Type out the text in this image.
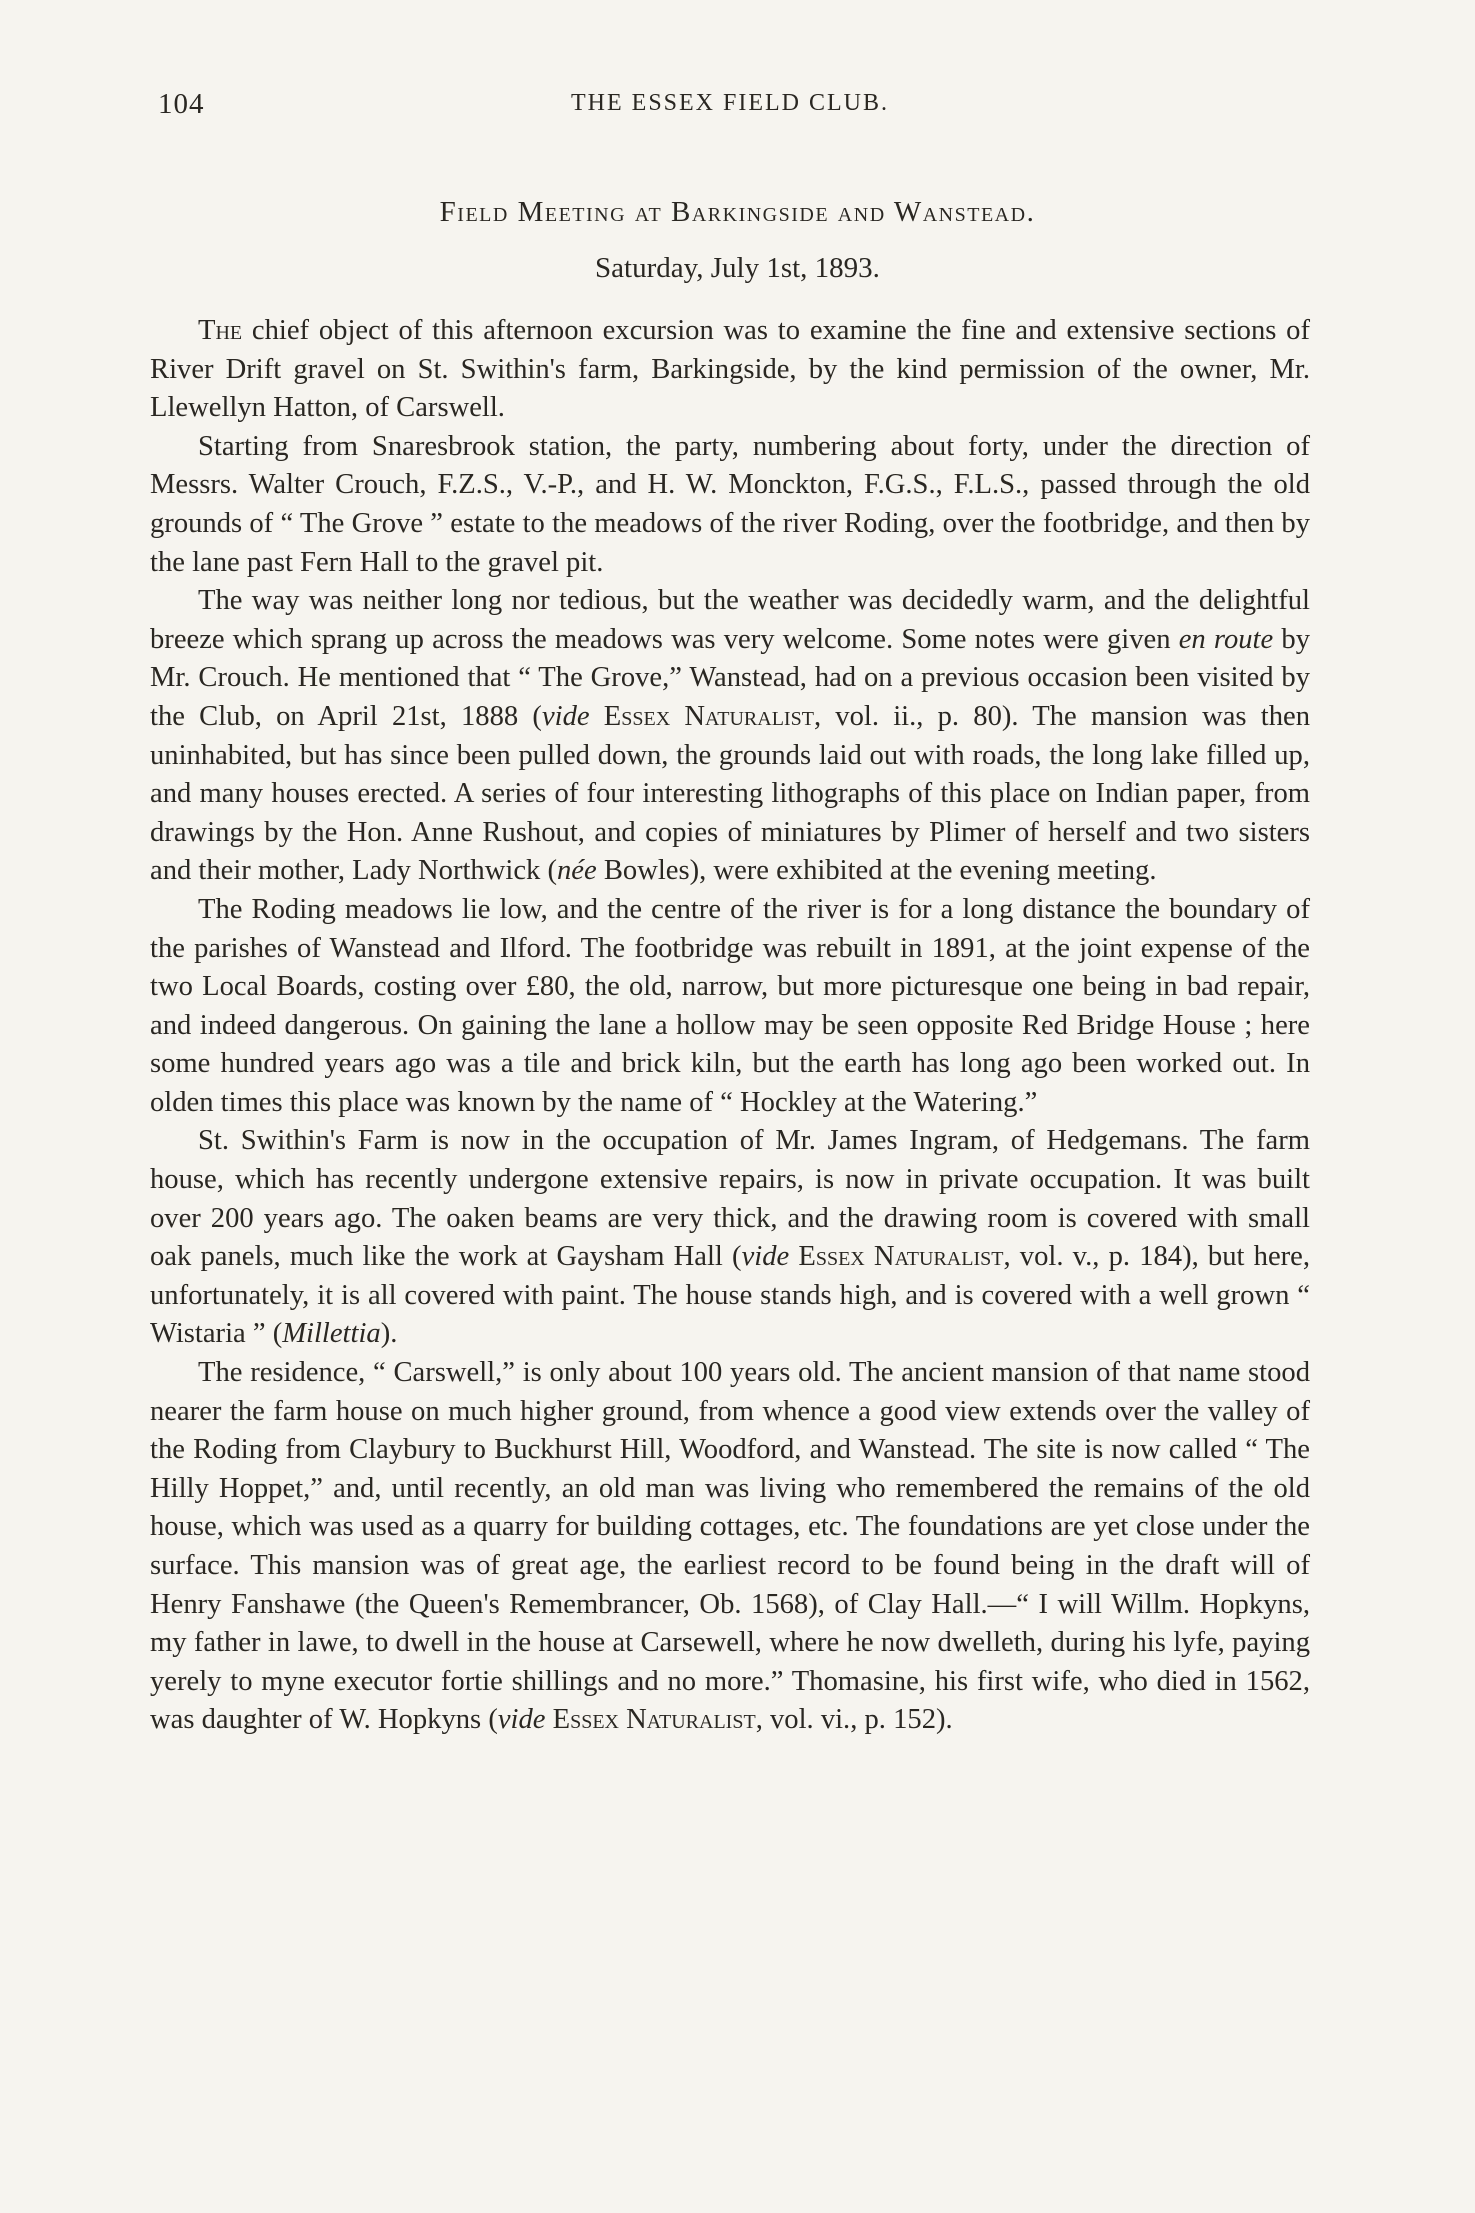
104	THE ESSEX FIELD CLUB.
Field Meeting at Barkingside and Wanstead.
Saturday, July 1st, 1893.

The chief object of this afternoon excursion was to examine the fine and extensive sections of River Drift gravel on St. Swithin's farm, Barkingside, by the kind permission of the owner, Mr. Llewellyn Hatton, of Carswell.

Starting from Snaresbrook station, the party, numbering about forty, under the direction of Messrs. Walter Crouch, F.Z.S., V.-P., and H. W. Monckton, F.G.S., F.L.S., passed through the old grounds of “ The Grove ” estate to the meadows of the river Roding, over the footbridge, and then by the lane past Fern Hall to the gravel pit.

The way was neither long nor tedious, but the weather was decidedly warm, and the delightful breeze which sprang up across the meadows was very welcome. Some notes were given en route by Mr. Crouch. He mentioned that “ The Grove,” Wanstead, had on a previous occasion been visited by the Club, on April 21st, 1888 (vide Essex Naturalist, vol. ii., p. 80). The mansion was then uninhabited, but has since been pulled down, the grounds laid out with roads, the long lake filled up, and many houses erected. A series of four interesting lithographs of this place on Indian paper, from drawings by the Hon. Anne Rushout, and copies of miniatures by Plimer of herself and two sisters and their mother, Lady Northwick (née Bowles), were exhibited at the evening meeting.

The Roding meadows lie low, and the centre of the river is for a long distance the boundary of the parishes of Wanstead and Ilford. The footbridge was rebuilt in 1891, at the joint expense of the two Local Boards, costing over £80, the old, narrow, but more picturesque one being in bad repair, and indeed dangerous. On gaining the lane a hollow may be seen opposite Red Bridge House ; here some hundred years ago was a tile and brick kiln, but the earth has long ago been worked out. In olden times this place was known by the name of “ Hockley at the Watering.”

St. Swithin's Farm is now in the occupation of Mr. James Ingram, of Hedgemans. The farm house, which has recently undergone extensive repairs, is now in private occupation. It was built over 200 years ago. The oaken beams are very thick, and the drawing room is covered with small oak panels, much like the work at Gaysham Hall (vide Essex Naturalist, vol. v., p. 184), but here, unfortunately, it is all covered with paint. The house stands high, and is covered with a well grown “ Wistaria ” (Millettia).

The residence, “ Carswell,” is only about 100 years old. The ancient mansion of that name stood nearer the farm house on much higher ground, from whence a good view extends over the valley of the Roding from Claybury to Buckhurst Hill, Woodford, and Wanstead. The site is now called “ The Hilly Hoppet,” and, until recently, an old man was living who remembered the remains of the old house, which was used as a quarry for building cottages, etc. The foundations are yet close under the surface. This mansion was of great age, the earliest record to be found being in the draft will of Henry Fanshawe (the Queen's Remembrancer, Ob. 1568), of Clay Hall.—“ I will Willm. Hopkyns, my father in lawe, to dwell in the house at Carsewell, where he now dwelleth, during his lyfe, paying yerely to myne executor fortie shillings and no more.” Thomasine, his first wife, who died in 1562, was daughter of W. Hopkyns (vide Essex Naturalist, vol. vi., p. 152).
